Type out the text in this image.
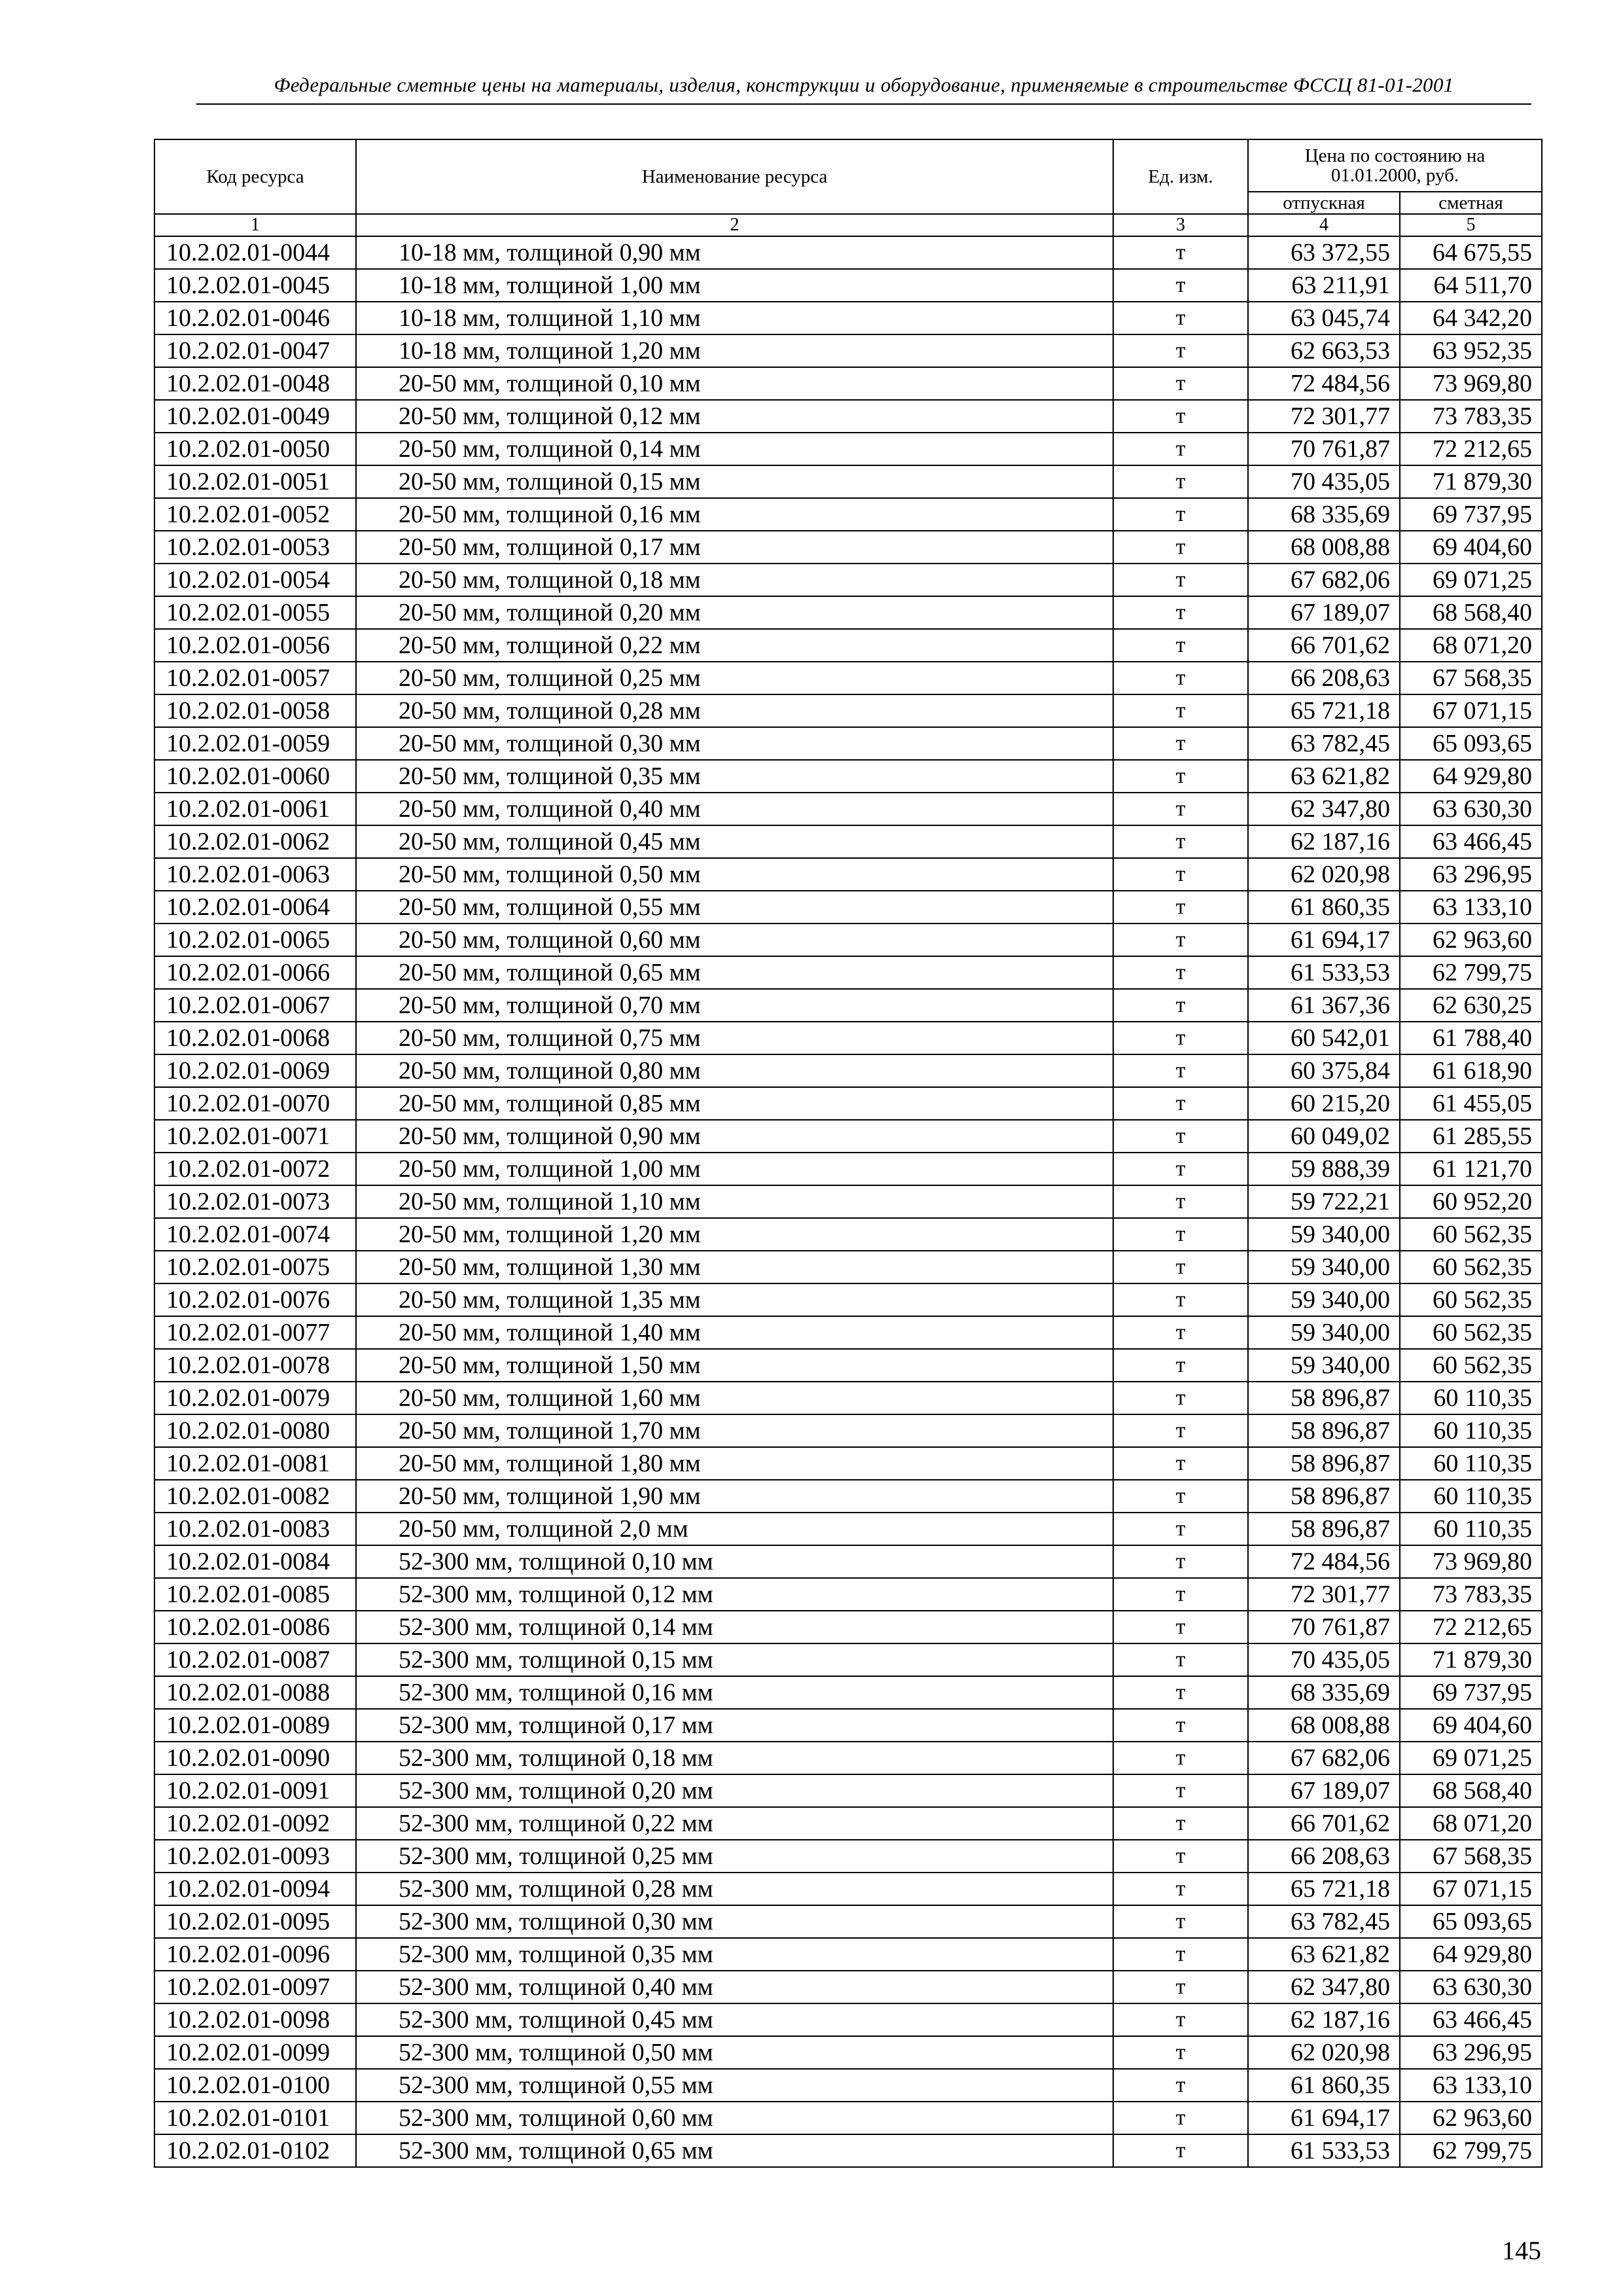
Федеральные сметные цены на материалы, изделия, конструкции и оборудование, применяемые в строительстве ФССЦ 81-01-2001
Код ресурса	Наименование ресурса	Ед. изм.	Цена по состоянию на 01.01.2000, руб.	
			отпускная	сметная
1	2	3	4	5
10.2.02.01-0044	10-18 мм, толщиной 0,90 мм	т	63 372,55	64 675,55
10.2.02.01-0045	10-18 мм, толщиной 1,00 мм	т	63 211,91	64 511,70
10.2.02.01-0046	10-18 мм, толщиной 1,10 мм	т	63 045,74	64 342,20
10.2.02.01-0047	10-18 мм, толщиной 1,20 мм	т	62 663,53	63 952,35
10.2.02.01-0048	20-50 мм, толщиной 0,10 мм	т	72 484,56	73 969,80
10.2.02.01-0049	20-50 мм, толщиной 0,12 мм	т	72 301,77	73 783,35
10.2.02.01-0050	20-50 мм, толщиной 0,14 мм	т	70 761,87	72 212,65
10.2.02.01-0051	20-50 мм, толщиной 0,15 мм	т	70 435,05	71 879,30
10.2.02.01-0052	20-50 мм, толщиной 0,16 мм	т	68 335,69	69 737,95
10.2.02.01-0053	20-50 мм, толщиной 0,17 мм	т	68 008,88	69 404,60
10.2.02.01-0054	20-50 мм, толщиной 0,18 мм	т	67 682,06	69 071,25
10.2.02.01-0055	20-50 мм, толщиной 0,20 мм	т	67 189,07	68 568,40
10.2.02.01-0056	20-50 мм, толщиной 0,22 мм	т	66 701,62	68 071,20
10.2.02.01-0057	20-50 мм, толщиной 0,25 мм	т	66 208,63	67 568,35
10.2.02.01-0058	20-50 мм, толщиной 0,28 мм	т	65 721,18	67 071,15
10.2.02.01-0059	20-50 мм, толщиной 0,30 мм	т	63 782,45	65 093,65
10.2.02.01-0060	20-50 мм, толщиной 0,35 мм	т	63 621,82	64 929,80
10.2.02.01-0061	20-50 мм, толщиной 0,40 мм	т	62 347,80	63 630,30
10.2.02.01-0062	20-50 мм, толщиной 0,45 мм	т	62 187,16	63 466,45
10.2.02.01-0063	20-50 мм, толщиной 0,50 мм	т	62 020,98	63 296,95
10.2.02.01-0064	20-50 мм, толщиной 0,55 мм	т	61 860,35	63 133,10
10.2.02.01-0065	20-50 мм, толщиной 0,60 мм	т	61 694,17	62 963,60
10.2.02.01-0066	20-50 мм, толщиной 0,65 мм	т	61 533,53	62 799,75
10.2.02.01-0067	20-50 мм, толщиной 0,70 мм	т	61 367,36	62 630,25
10.2.02.01-0068	20-50 мм, толщиной 0,75 мм	т	60 542,01	61 788,40
10.2.02.01-0069	20-50 мм, толщиной 0,80 мм	т	60 375,84	61 618,90
10.2.02.01-0070	20-50 мм, толщиной 0,85 мм	т	60 215,20	61 455,05
10.2.02.01-0071	20-50 мм, толщиной 0,90 мм	т	60 049,02	61 285,55
10.2.02.01-0072	20-50 мм, толщиной 1,00 мм	т	59 888,39	61 121,70
10.2.02.01-0073	20-50 мм, толщиной 1,10 мм	т	59 722,21	60 952,20
10.2.02.01-0074	20-50 мм, толщиной 1,20 мм	т	59 340,00	60 562,35
10.2.02.01-0075	20-50 мм, толщиной 1,30 мм	т	59 340,00	60 562,35
10.2.02.01-0076	20-50 мм, толщиной 1,35 мм	т	59 340,00	60 562,35
10.2.02.01-0077	20-50 мм, толщиной 1,40 мм	т	59 340,00	60 562,35
10.2.02.01-0078	20-50 мм, толщиной 1,50 мм	т	59 340,00	60 562,35
10.2.02.01-0079	20-50 мм, толщиной 1,60 мм	т	58 896,87	60 110,35
10.2.02.01-0080	20-50 мм, толщиной 1,70 мм	т	58 896,87	60 110,35
10.2.02.01-0081	20-50 мм, толщиной 1,80 мм	т	58 896,87	60 110,35
10.2.02.01-0082	20-50 мм, толщиной 1,90 мм	т	58 896,87	60 110,35
10.2.02.01-0083	20-50 мм, толщиной 2,0 мм	т	58 896,87	60 110,35
10.2.02.01-0084	52-300 мм, толщиной 0,10 мм	т	72 484,56	73 969,80
10.2.02.01-0085	52-300 мм, толщиной 0,12 мм	т	72 301,77	73 783,35
10.2.02.01-0086	52-300 мм, толщиной 0,14 мм	т	70 761,87	72 212,65
10.2.02.01-0087	52-300 мм, толщиной 0,15 мм	т	70 435,05	71 879,30
10.2.02.01-0088	52-300 мм, толщиной 0,16 мм	т	68 335,69	69 737,95
10.2.02.01-0089	52-300 мм, толщиной 0,17 мм	т	68 008,88	69 404,60
10.2.02.01-0090	52-300 мм, толщиной 0,18 мм	т	67 682,06	69 071,25
10.2.02.01-0091	52-300 мм, толщиной 0,20 мм	т	67 189,07	68 568,40
10.2.02.01-0092	52-300 мм, толщиной 0,22 мм	т	66 701,62	68 071,20
10.2.02.01-0093	52-300 мм, толщиной 0,25 мм	т	66 208,63	67 568,35
10.2.02.01-0094	52-300 мм, толщиной 0,28 мм	т	65 721,18	67 071,15
10.2.02.01-0095	52-300 мм, толщиной 0,30 мм	т	63 782,45	65 093,65
10.2.02.01-0096	52-300 мм, толщиной 0,35 мм	т	63 621,82	64 929,80
10.2.02.01-0097	52-300 мм, толщиной 0,40 мм	т	62 347,80	63 630,30
10.2.02.01-0098	52-300 мм, толщиной 0,45 мм	т	62 187,16	63 466,45
10.2.02.01-0099	52-300 мм, толщиной 0,50 мм	т	62 020,98	63 296,95
10.2.02.01-0100	52-300 мм, толщиной 0,55 мм	т	61 860,35	63 133,10
10.2.02.01-0101	52-300 мм, толщиной 0,60 мм	т	61 694,17	62 963,60
10.2.02.01-0102	52-300 мм, толщиной 0,65 мм	т	61 533,53	62 799,75
145
